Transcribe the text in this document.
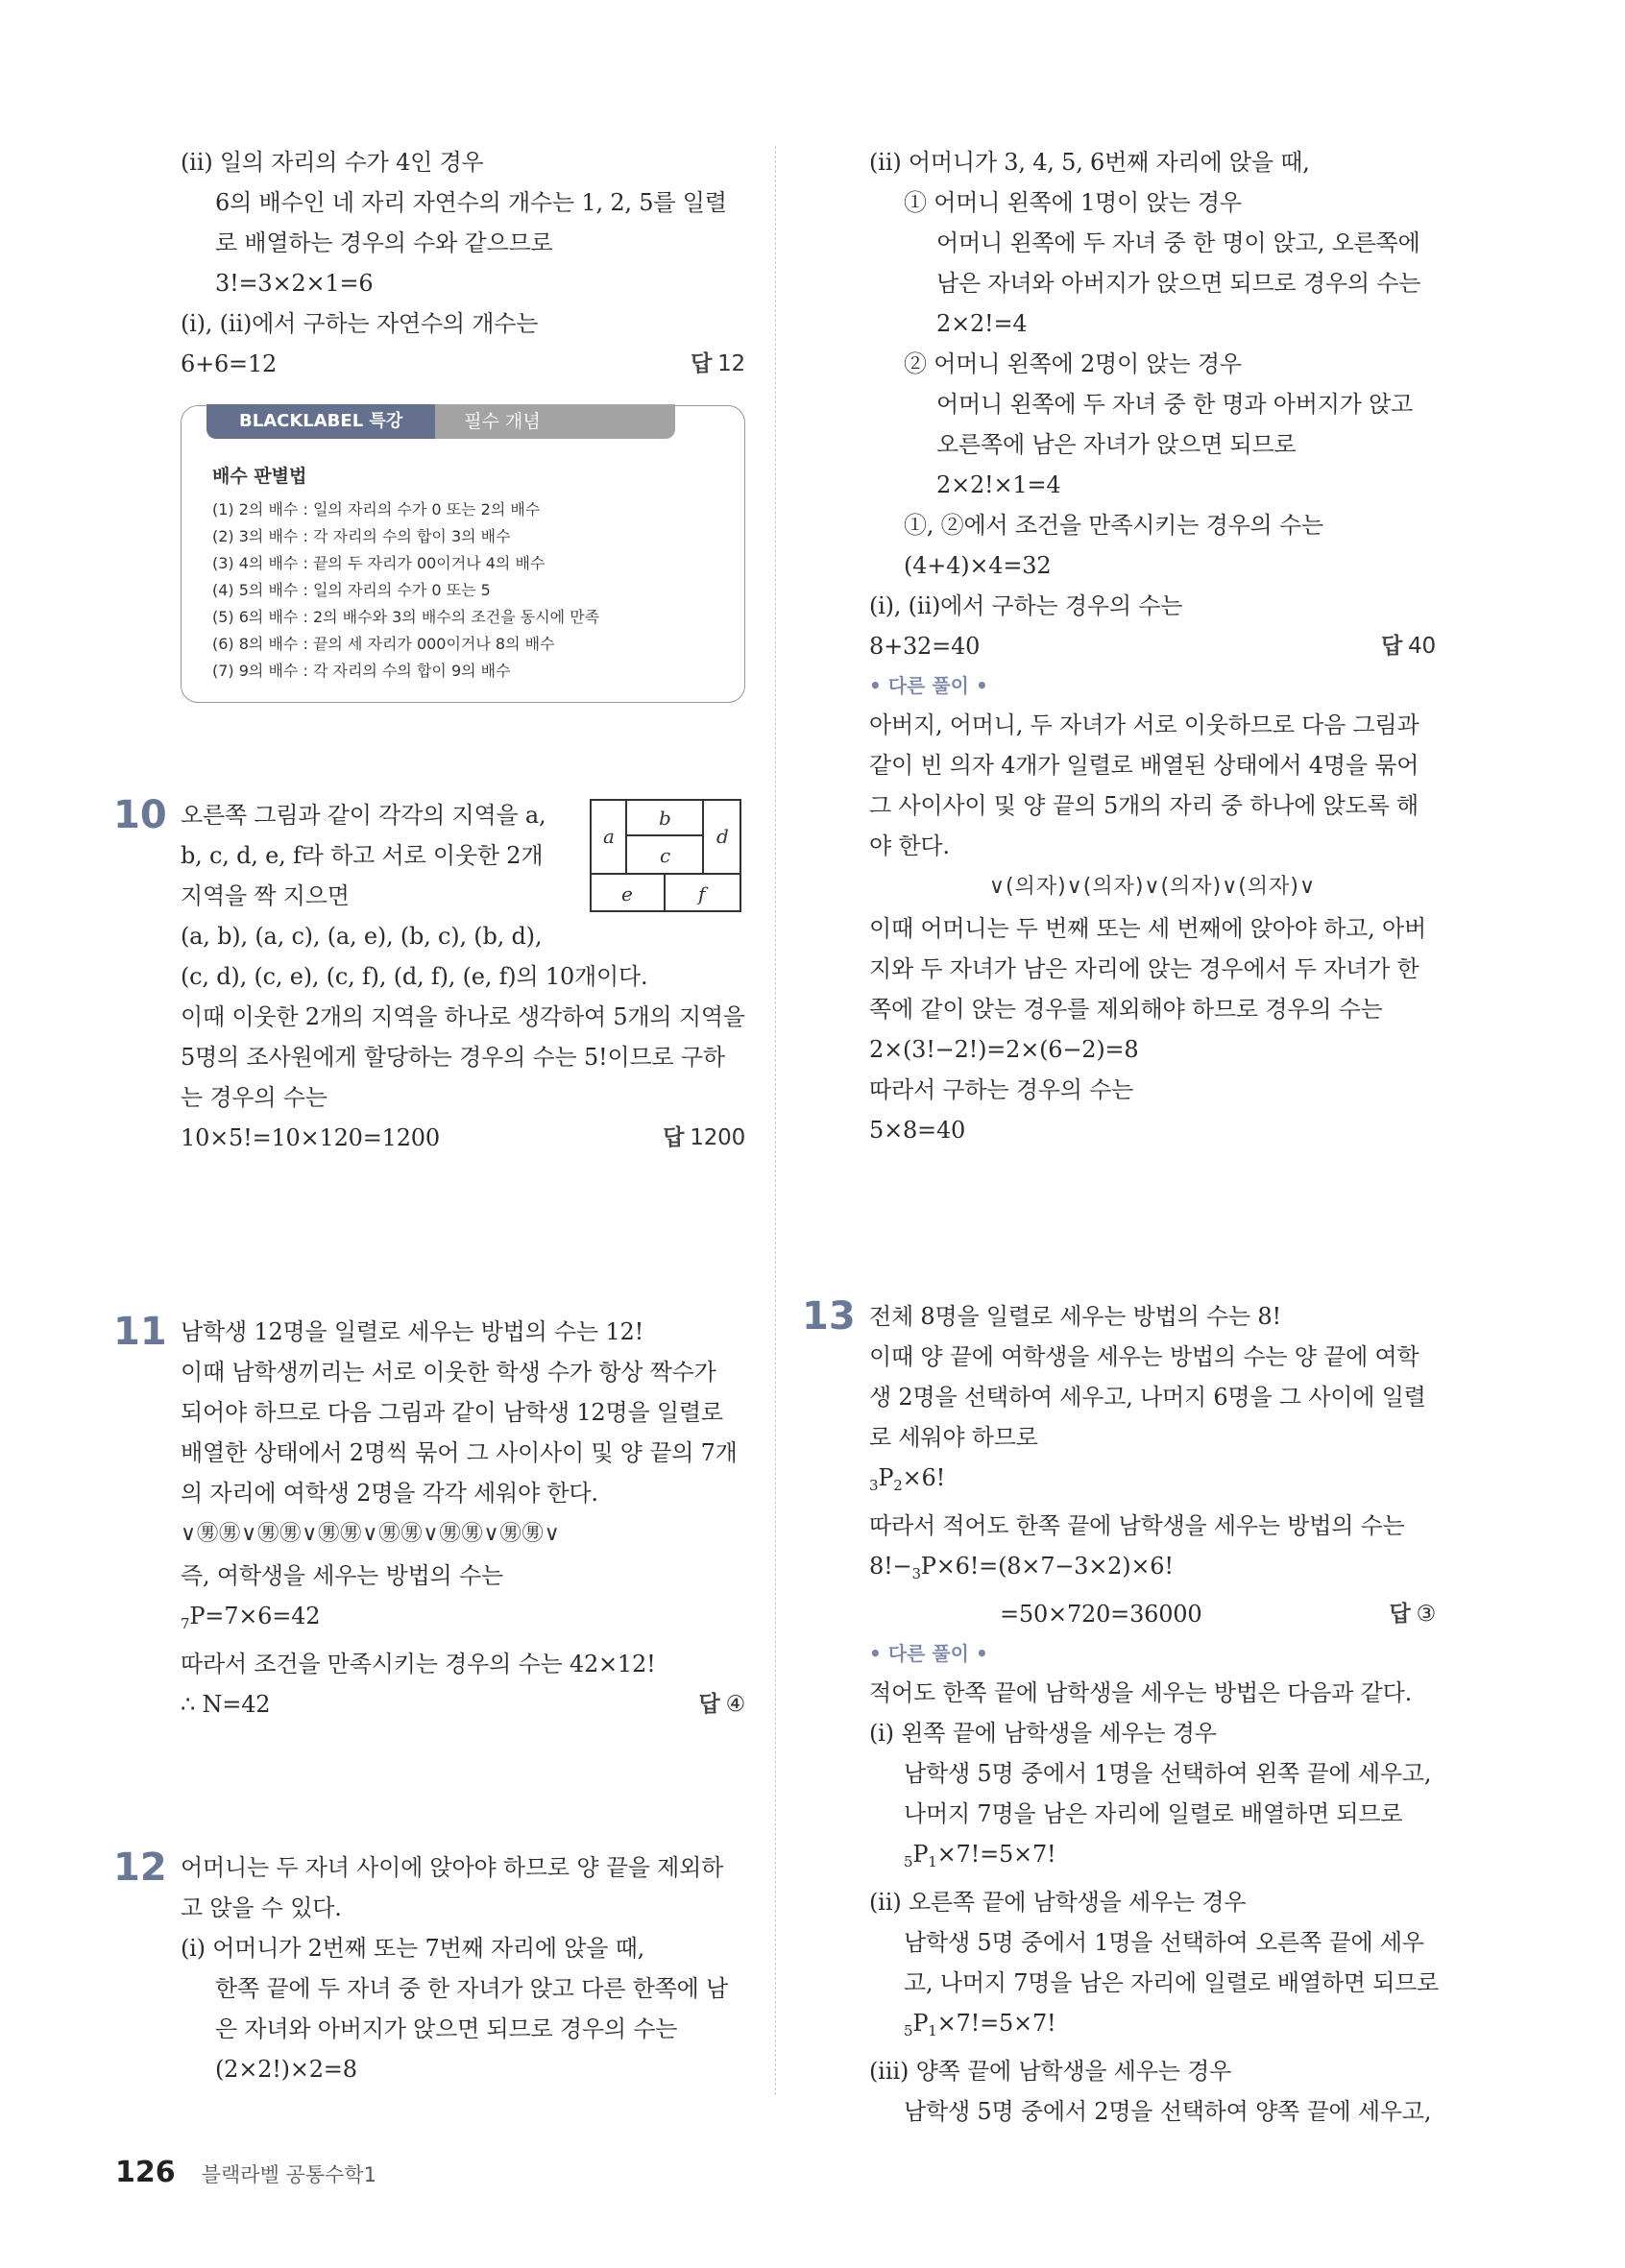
(ⅱ) 일의 자리의 수가 4인 경우
6의 배수인 네 자리 자연수의 개수는 1, 2, 5를 일렬
로 배열하는 경우의 수와 같으므로
3!=3×2×1=6
(ⅰ), (ⅱ)에서 구하는 자연수의 개수는
6+6=12	답 12
BLACKLABEL 특강	필수 개념
배수 판별법
(1) 2의 배수 : 일의 자리의 수가 0 또는 2의 배수
(2) 3의 배수 : 각 자리의 수의 합이 3의 배수
(3) 4의 배수 : 끝의 두 자리가 00이거나 4의 배수
(4) 5의 배수 : 일의 자리의 수가 0 또는 5
(5) 6의 배수 : 2의 배수와 3의 배수의 조건을 동시에 만족
(6) 8의 배수 : 끝의 세 자리가 000이거나 8의 배수
(7) 9의 배수 : 각 자리의 수의 합이 9의 배수
10	a
b
c
d
e	f
오른쪽 그림과 같이 각각의 지역을 a,
b, c, d, e, f라 하고 서로 이웃한 2개
지역을 짝 지으면
(a, b), (a, c), (a, e), (b, c), (b, d),
(c, d), (c, e), (c, f), (d, f), (e, f)의 10개이다.
이때 이웃한 2개의 지역을 하나로 생각하여 5개의 지역을
5명의 조사원에게 할당하는 경우의 수는 5!이므로 구하
는 경우의 수는
10×5!=10×120=1200	답 1200
11 남학생 12명을 일렬로 세우는 방법의 수는 12!
이때 남학생끼리는 서로 이웃한 학생 수가 항상 짝수가
되어야 하므로 다음 그림과 같이 남학생 12명을 일렬로
배열한 상태에서 2명씩 묶어 그 사이사이 및 양 끝의 7개
의 자리에 여학생 2명을 각각 세워야 한다.
∨㊚㊚∨㊚㊚∨㊚㊚∨㊚㊚∨㊚㊚∨㊚㊚∨
즉, 여학생을 세우는 방법의 수는
$_7$P=7×6=42
따라서 조건을 만족시키는 경우의 수는 42×12!
∴ N=42	답 ④
12 어머니는 두 자녀 사이에 앉아야 하므로 양 끝을 제외하
고 앉을 수 있다.
(ⅰ) 어머니가 2번째 또는 7번째 자리에 앉을 때,
한쪽 끝에 두 자녀 중 한 자녀가 앉고 다른 한쪽에 남
은 자녀와 아버지가 앉으면 되므로 경우의 수는
(2×2!)×2=8
(ⅱ) 어머니가 3, 4, 5, 6번째 자리에 앉을 때,
① 어머니 왼쪽에 1명이 앉는 경우
어머니 왼쪽에 두 자녀 중 한 명이 앉고, 오른쪽에
남은 자녀와 아버지가 앉으면 되므로 경우의 수는
2×2!=4
② 어머니 왼쪽에 2명이 앉는 경우
어머니 왼쪽에 두 자녀 중 한 명과 아버지가 앉고
오른쪽에 남은 자녀가 앉으면 되므로
2×2!×1=4
①, ②에서 조건을 만족시키는 경우의 수는
(4+4)×4=32
(ⅰ), (ⅱ)에서 구하는 경우의 수는
8+32=40	답 40
• 다른 풀이 •
아버지, 어머니, 두 자녀가 서로 이웃하므로 다음 그림과
같이 빈 의자 4개가 일렬로 배열된 상태에서 4명을 묶어
그 사이사이 및 양 끝의 5개의 자리 중 하나에 앉도록 해
야 한다.
∨(의자)∨(의자)∨(의자)∨(의자)∨
이때 어머니는 두 번째 또는 세 번째에 앉아야 하고, 아버
지와 두 자녀가 남은 자리에 앉는 경우에서 두 자녀가 한
쪽에 같이 앉는 경우를 제외해야 하므로 경우의 수는
2×(3!−2!)=2×(6−2)=8
따라서 구하는 경우의 수는
5×8=40
13 전체 8명을 일렬로 세우는 방법의 수는 8!
이때 양 끝에 여학생을 세우는 방법의 수는 양 끝에 여학
생 2명을 선택하여 세우고, 나머지 6명을 그 사이에 일렬
로 세워야 하므로
$_3P_2\times 6$!
따라서 적어도 한쪽 끝에 남학생을 세우는 방법의 수는
$8!-_3P\times 6!=(8\times 7-3\times 2)\times 6$!
=50×720=36000	답 ③
• 다른 풀이 •
적어도 한쪽 끝에 남학생을 세우는 방법은 다음과 같다.
(ⅰ) 왼쪽 끝에 남학생을 세우는 경우
남학생 5명 중에서 1명을 선택하여 왼쪽 끝에 세우고,
나머지 7명을 남은 자리에 일렬로 배열하면 되므로
$_5P_1\times 7!=5\times 7$!
(ⅱ) 오른쪽 끝에 남학생을 세우는 경우
남학생 5명 중에서 1명을 선택하여 오른쪽 끝에 세우
고, 나머지 7명을 남은 자리에 일렬로 배열하면 되므로
$_5P_1\times 7!=5\times 7$!
(ⅲ) 양쪽 끝에 남학생을 세우는 경우
남학생 5명 중에서 2명을 선택하여 양쪽 끝에 세우고,
126 블랙라벨 공통수학1
